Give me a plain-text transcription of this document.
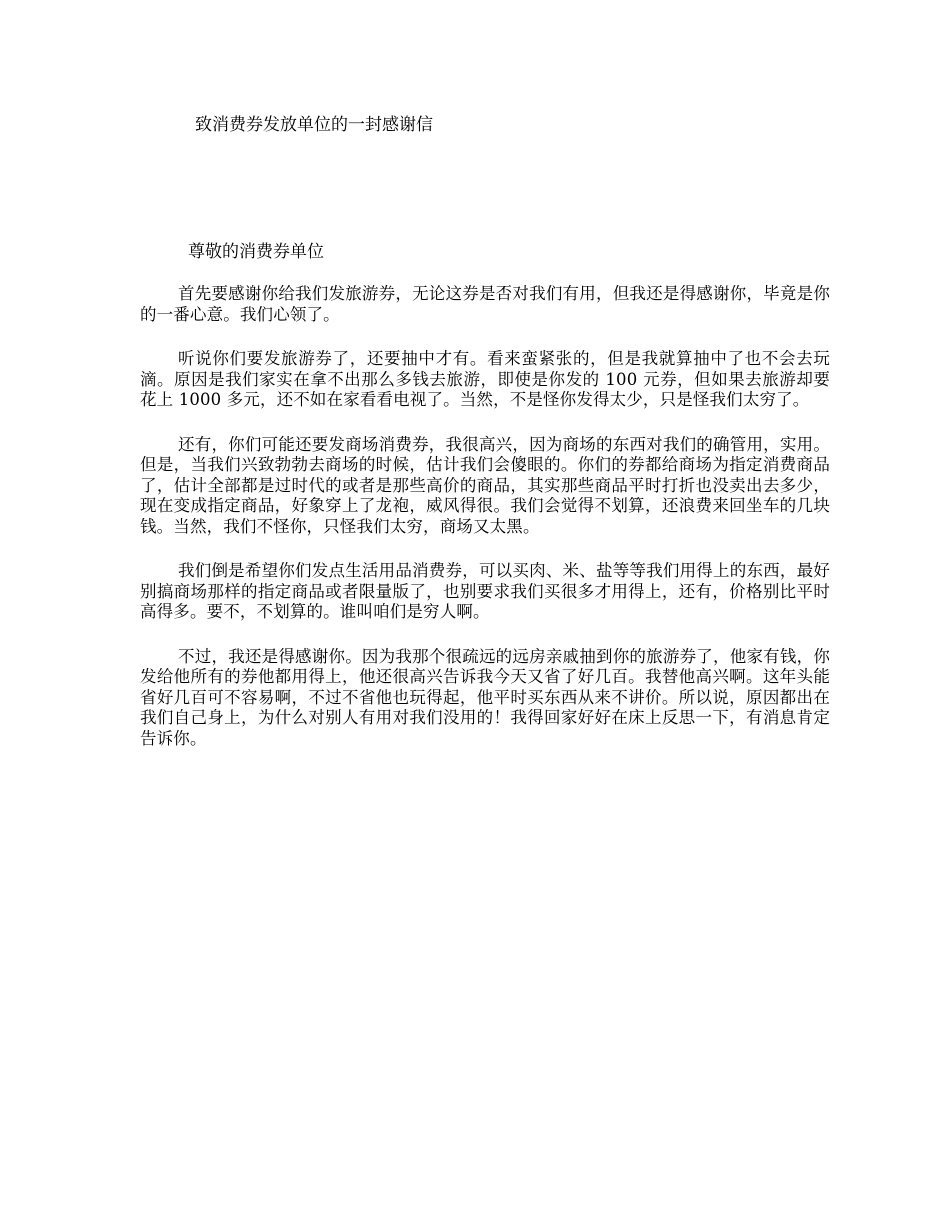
致消费券发放单位的一封感谢信
尊敬的消费券单位

首先要感谢你给我们发旅游券，无论这券是否对我们有用，但我还是得感谢你，毕竟是你的一番心意。我们心领了。

听说你们要发旅游券了，还要抽中才有。看来蛮紧张的，但是我就算抽中了也不会去玩滴。原因是我们家实在拿不出那么多钱去旅游，即使是你发的 100 元券，但如果去旅游却要花上 1000 多元，还不如在家看看电视了。当然，不是怪你发得太少，只是怪我们太穷了。

还有，你们可能还要发商场消费券，我很高兴，因为商场的东西对我们的确管用，实用。但是，当我们兴致勃勃去商场的时候，估计我们会傻眼的。你们的券都给商场为指定消费商品了，估计全部都是过时代的或者是那些高价的商品，其实那些商品平时打折也没卖出去多少，现在变成指定商品，好象穿上了龙袍，威风得很。我们会觉得不划算，还浪费来回坐车的几块钱。当然，我们不怪你，只怪我们太穷，商场又太黑。

我们倒是希望你们发点生活用品消费券，可以买肉、米、盐等等我们用得上的东西，最好别搞商场那样的指定商品或者限量版了，也别要求我们买很多才用得上，还有，价格别比平时高得多。要不，不划算的。谁叫咱们是穷人啊。

不过，我还是得感谢你。因为我那个很疏远的远房亲戚抽到你的旅游券了，他家有钱，你发给他所有的券他都用得上，他还很高兴告诉我今天又省了好几百。我替他高兴啊。这年头能省好几百可不容易啊，不过不省他也玩得起，他平时买东西从来不讲价。所以说，原因都出在我们自己身上，为什么对别人有用对我们没用的！我得回家好好在床上反思一下，有消息肯定告诉你。
